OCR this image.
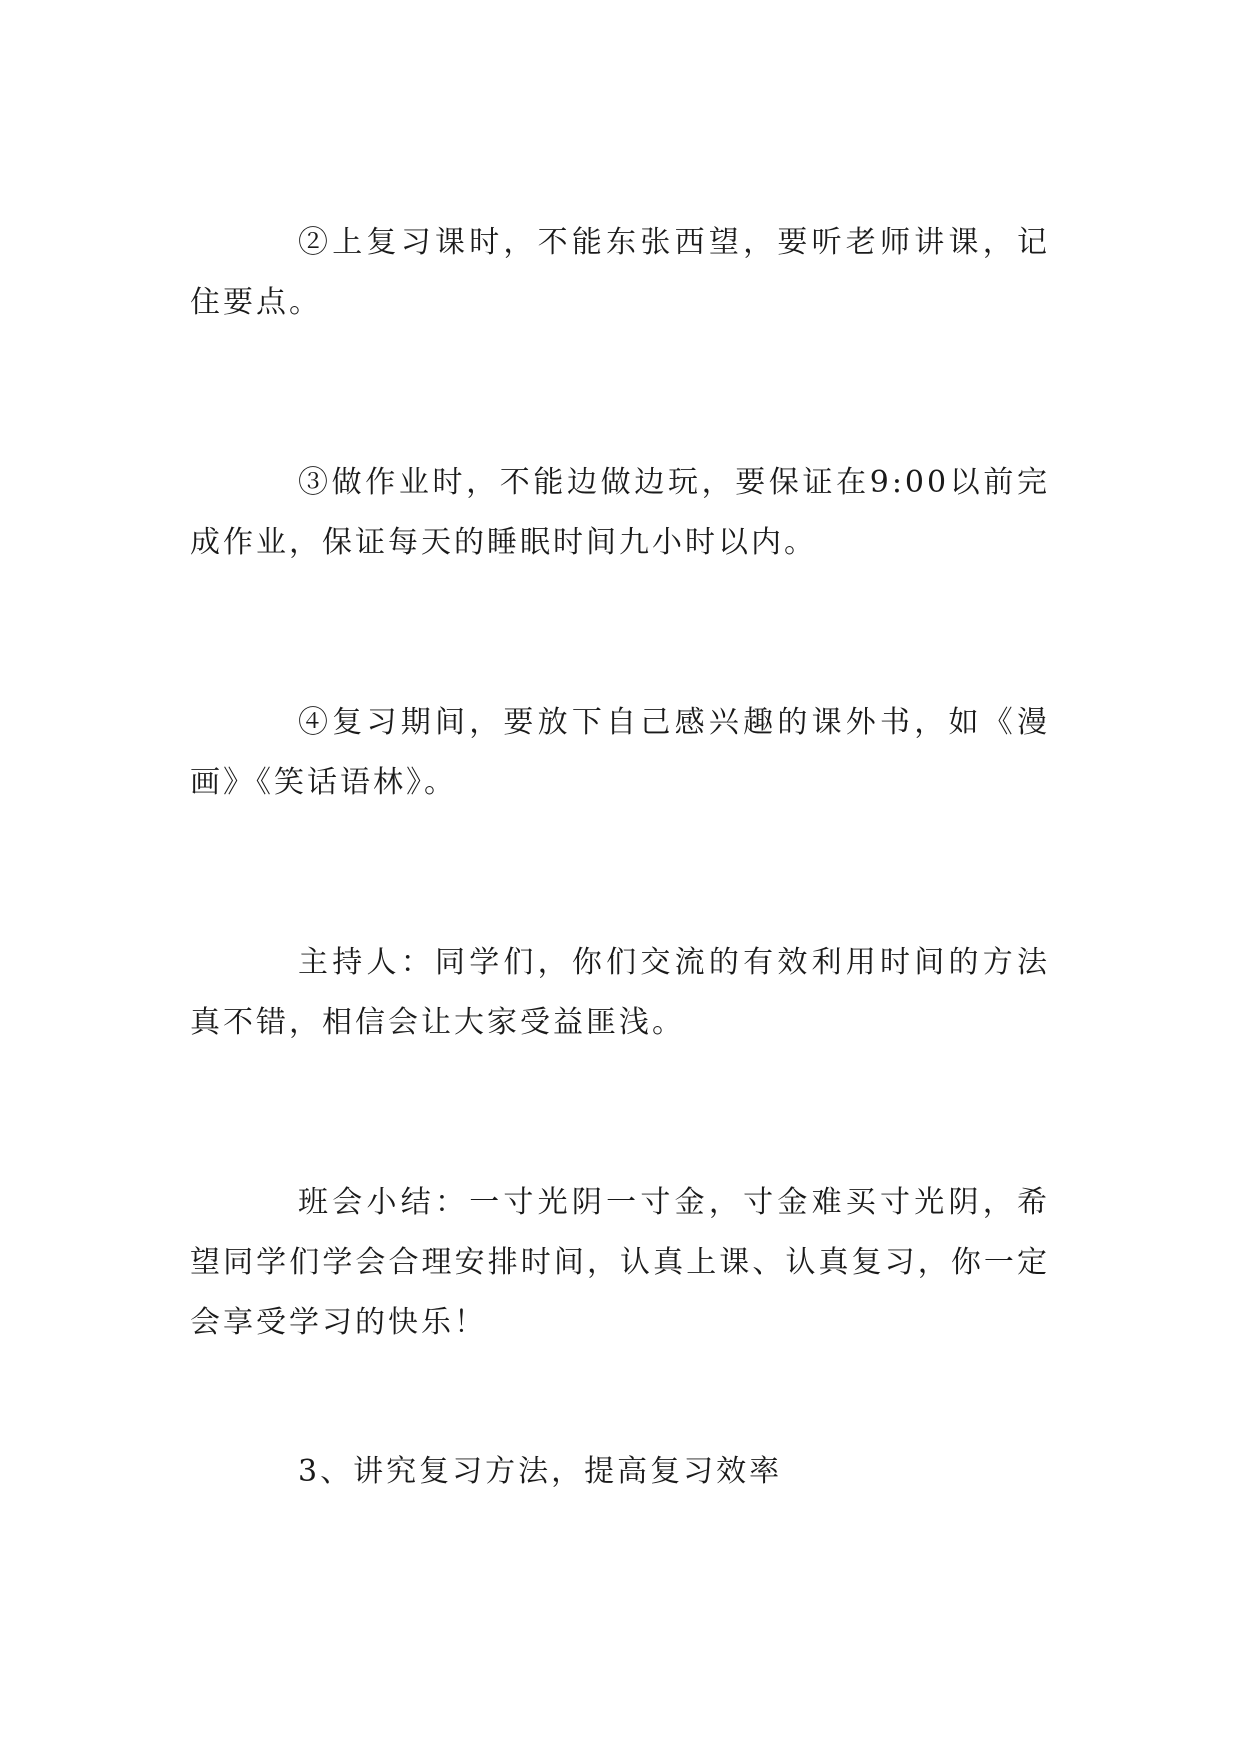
②上复习课时，不能东张西望，要听老师讲课，记住要点。

③做作业时，不能边做边玩，要保证在9:00以前完成作业，保证每天的睡眠时间九小时以内。

④复习期间，要放下自己感兴趣的课外书，如《漫画》《笑话语林》。

主持人：同学们，你们交流的有效利用时间的方法真不错，相信会让大家受益匪浅。

班会小结：一寸光阴一寸金，寸金难买寸光阴，希望同学们学会合理安排时间，认真上课、认真复习，你一定会享受学习的快乐！

3、讲究复习方法，提高复习效率
